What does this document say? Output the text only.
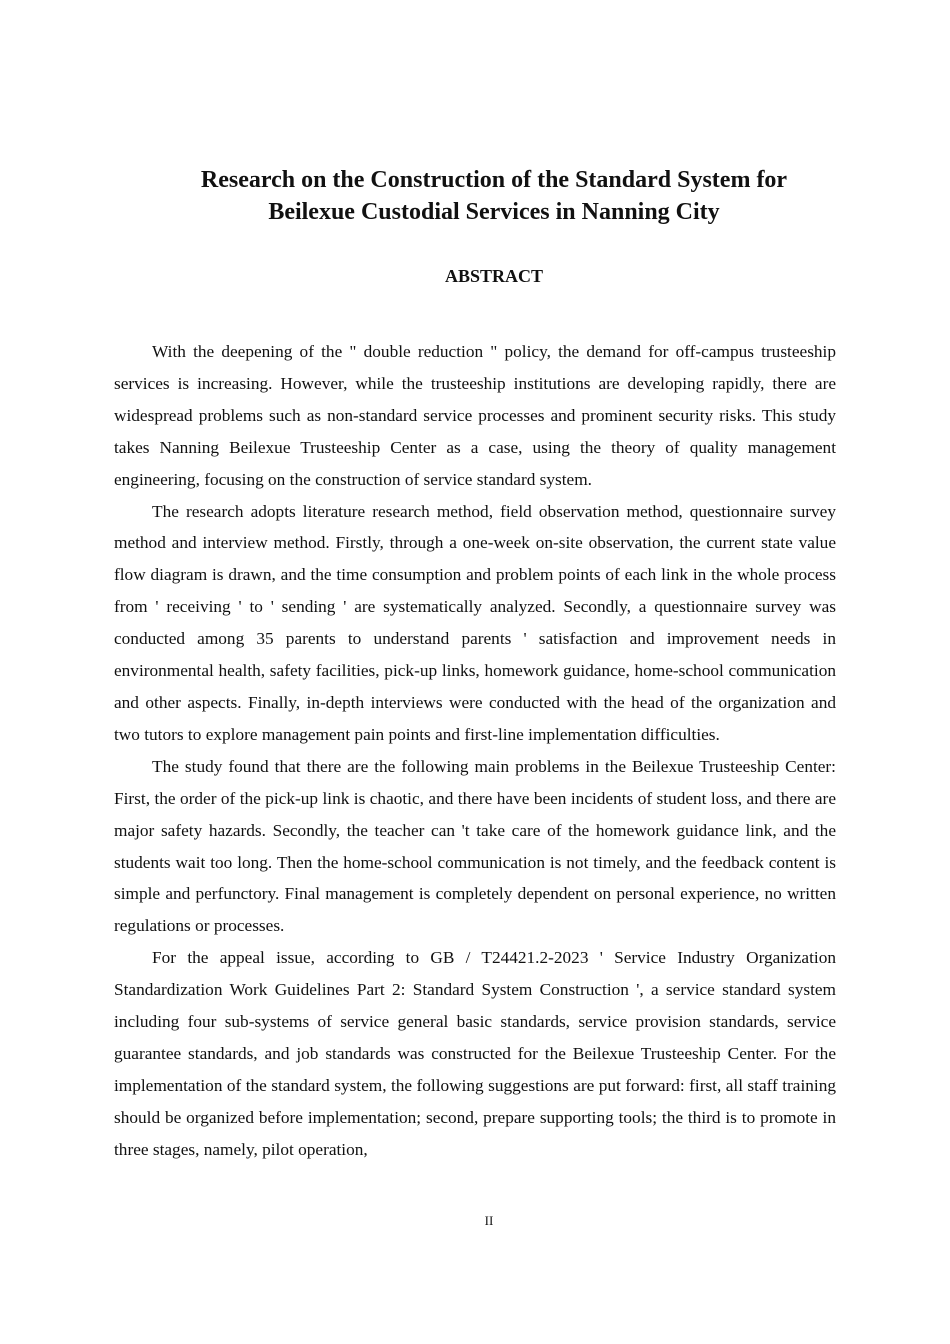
Research on the Construction of the Standard System for
Beilexue Custodial Services in Nanning City
ABSTRACT

With the deepening of the " double reduction " policy, the demand for off-campus trusteeship services is increasing. However, while the trusteeship institutions are developing rapidly, there are widespread problems such as non-standard service processes and prominent security risks. This study takes Nanning Beilexue Trusteeship Center as a case, using the theory of quality management engineering, focusing on the construction of service standard system.

The research adopts literature research method, field observation method, questionnaire survey method and interview method. Firstly, through a one-week on-site observation, the current state value flow diagram is drawn, and the time consumption and problem points of each link in the whole process from ' receiving ' to ' sending ' are systematically analyzed. Secondly, a questionnaire survey was conducted among 35 parents to understand parents ' satisfaction and improvement needs in environmental health, safety facilities, pick-up links, homework guidance, home-school communication and other aspects. Finally, in-depth interviews were conducted with the head of the organization and two tutors to explore management pain points and first-line implementation difficulties.

The study found that there are the following main problems in the Beilexue Trusteeship Center: First, the order of the pick-up link is chaotic, and there have been incidents of student loss, and there are major safety hazards. Secondly, the teacher can 't take care of the homework guidance link, and the students wait too long. Then the home-school communication is not timely, and the feedback content is simple and perfunctory. Final management is completely dependent on personal experience, no written regulations or processes.

For the appeal issue, according to GB / T24421.2-2023 ' Service Industry Organization Standardization Work Guidelines Part 2: Standard System Construction ', a service standard system including four sub-systems of service general basic standards, service provision standards, service guarantee standards, and job standards was constructed for the Beilexue Trusteeship Center. For the implementation of the standard system, the following suggestions are put forward: first, all staff training should be organized before implementation; second, prepare supporting tools; the third is to promote in three stages, namely, pilot operation,

II
